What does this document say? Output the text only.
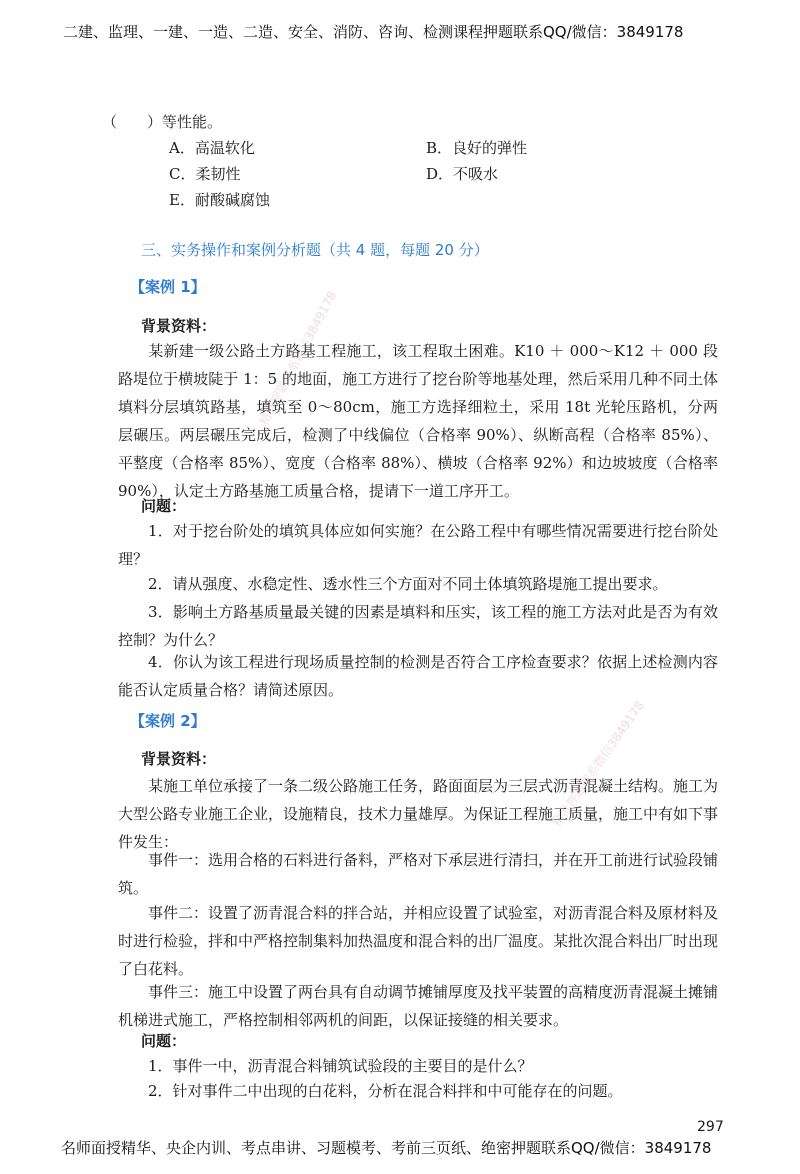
二建、监理、一建、一造、二造、安全、消防、咨询、检测课程押题联系QQ/微信：3849178
（　　）等性能。
A．高温软化	B．良好的弹性
C．柔韧性	D．不吸水
E．耐酸碱腐蚀
三、实务操作和案例分析题（共 4 题，每题 20 分）
【案例 1】
背景资料：
某新建一级公路土方路基工程施工，该工程取土困难。K10 ＋ 000～K12 ＋ 000 段路堤位于横坡陡于 1：5 的地面，施工方进行了挖台阶等地基处理，然后采用几种不同土体填料分层填筑路基，填筑至 0～80cm，施工方选择细粒土，采用 18t 光轮压路机，分两层碾压。两层碾压完成后，检测了中线偏位（合格率 90%）、纵断高程（合格率 85%）、平整度（合格率 85%）、宽度（合格率 88%）、横坡（合格率 92%）和边坡坡度（合格率 90%），认定土方路基施工质量合格，提请下一道工序开工。
问题：
1．对于挖台阶处的填筑具体应如何实施？在公路工程中有哪些情况需要进行挖台阶处理？
2．请从强度、水稳定性、透水性三个方面对不同土体填筑路堤施工提出要求。
3．影响土方路基质量最关键的因素是填料和压实，该工程的施工方法对此是否为有效控制？为什么？
4．你认为该工程进行现场质量控制的检测是否符合工序检查要求？依据上述检测内容能否认定质量合格？请简述原因。
【案例 2】
背景资料：
某施工单位承接了一条二级公路施工任务，路面面层为三层式沥青混凝土结构。施工为大型公路专业施工企业，设施精良，技术力量雄厚。为保证工程施工质量，施工中有如下事件发生：
事件一：选用合格的石料进行备料，严格对下承层进行清扫，并在开工前进行试验段铺筑。
事件二：设置了沥青混合料的拌合站，并相应设置了试验室，对沥青混合料及原材料及时进行检验，拌和中严格控制集料加热温度和混合料的出厂温度。某批次混合料出厂时出现了白花料。
事件三：施工中设置了两台具有自动调节摊铺厚度及找平装置的高精度沥青混凝土摊铺机梯进式施工，严格控制相邻两机的间距，以保证接缝的相关要求。
问题：
1．事件一中，沥青混合料铺筑试验段的主要目的是什么？
2．针对事件二中出现的白花料，分析在混合料拌和中可能存在的问题。
297
名师面授精华、央企内训、考点串讲、习题模考、考前三页纸、绝密押题联系QQ/微信：3849178
精准押题联系微信3849178
精准押题联系微信3849178
